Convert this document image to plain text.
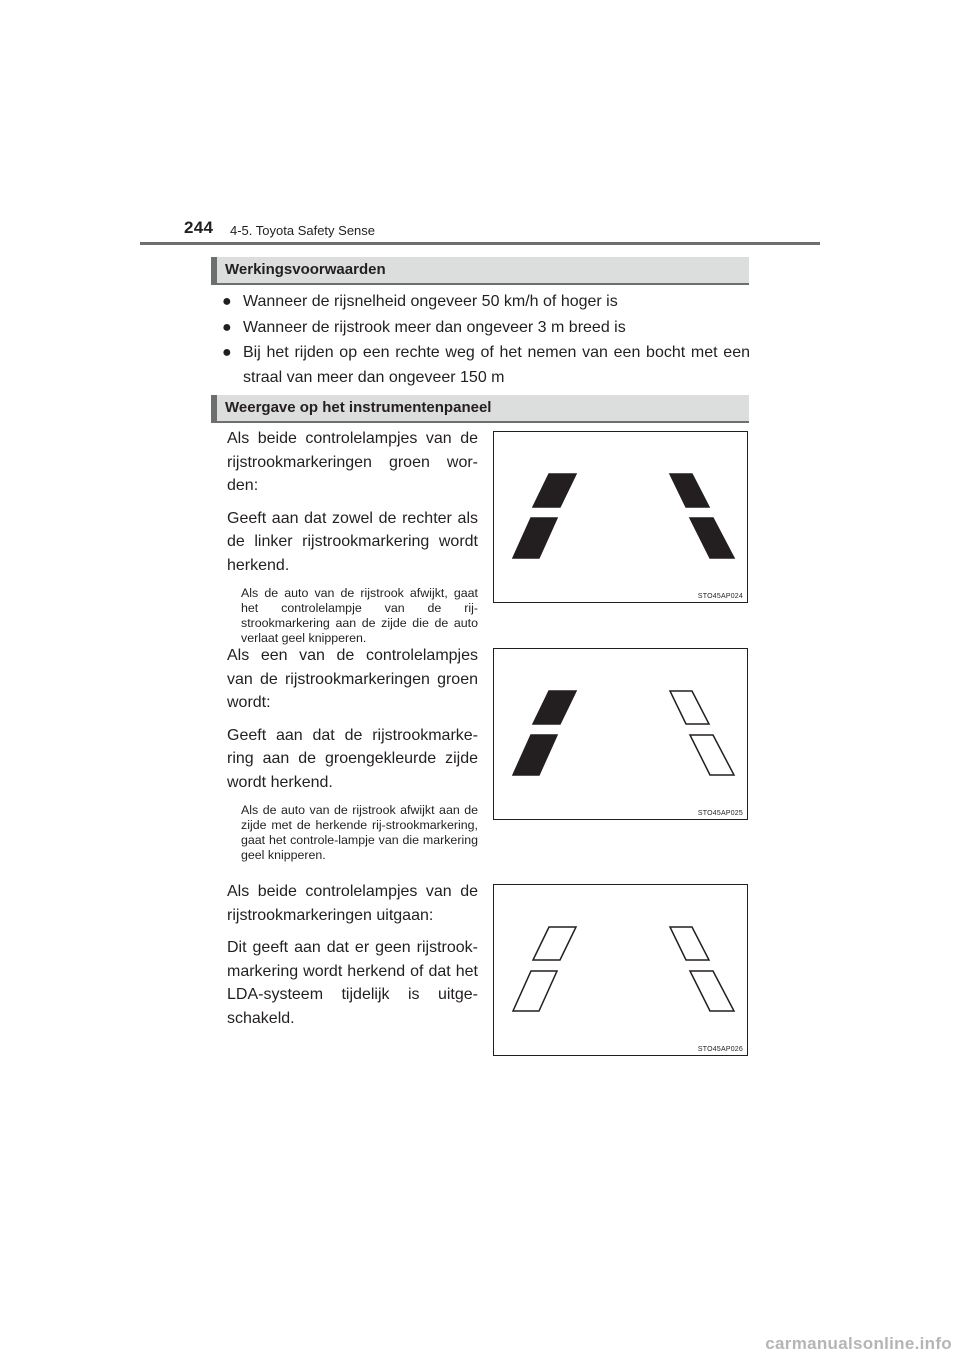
244 4-5. Toyota Safety Sense
Werkingsvoorwaarden
● Wanneer de rijsnelheid ongeveer 50 km/h of hoger is
● Wanneer de rijstrook meer dan ongeveer 3 m breed is
● Bij het rijden op een rechte weg of het nemen van een bocht met een straal van meer dan ongeveer 150 m
Weergave op het instrumentenpaneel

Als beide controlelampjes van de rijstrookmarkeringen groen wor-den:

Geeft aan dat zowel de rechter als de linker rijstrookmarkering wordt herkend.

Als de auto van de rijstrook afwijkt, gaat het controlelampje van de rij-strookmarkering aan de zijde die de auto verlaat geel knipperen.

STO45AP024

Als een van de controlelampjes van de rijstrookmarkeringen groen wordt:

Geeft aan dat de rijstrookmarke-ring aan de groengekleurde zijde wordt herkend.

Als de auto van de rijstrook afwijkt aan de zijde met de herkende rij-strookmarkering, gaat het controle-lampje van die markering geel knipperen.

STO45AP025

Als beide controlelampjes van de rijstrookmarkeringen uitgaan:

Dit geeft aan dat er geen rijstrook-markering wordt herkend of dat het LDA-systeem tijdelijk is uitge-schakeld.

STO45AP026
carmanualsonline.info
